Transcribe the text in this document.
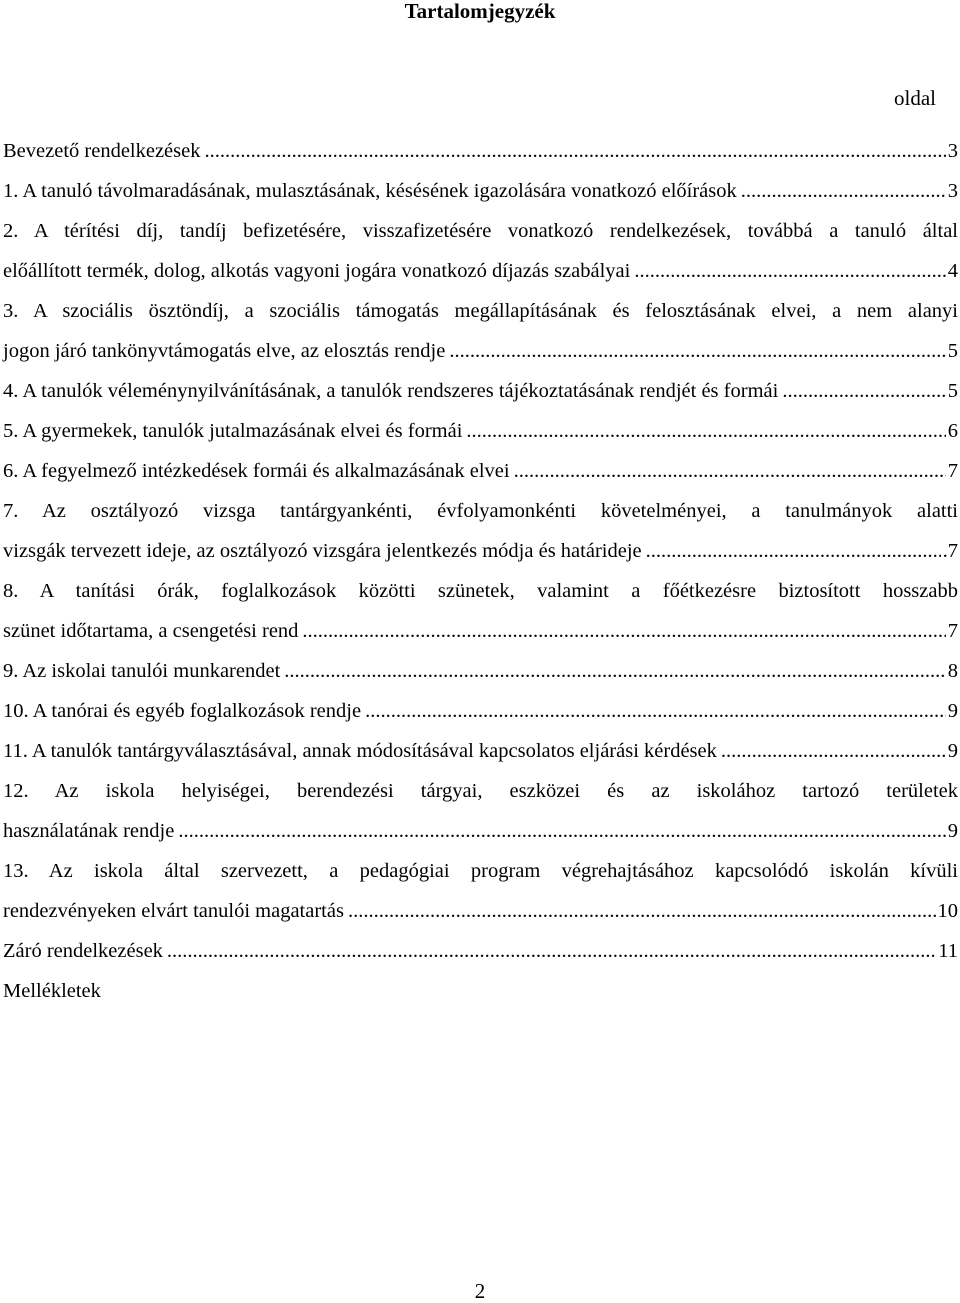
Tartalomjegyzék
oldal
Bevezető rendelkezések .....	3
1. A tanuló távolmaradásának, mulasztásának, késésének igazolására vonatkozó előírások .....	3
2. A térítési díj, tandíj befizetésére, visszafizetésére vonatkozó rendelkezések, továbbá a tanuló által
előállított termék, dolog, alkotás vagyoni jogára vonatkozó díjazás szabályai .....	4
3. A szociális ösztöndíj, a szociális támogatás megállapításának és felosztásának elvei, a nem alanyi
jogon járó tankönyvtámogatás elve, az elosztás rendje .....	5
4. A tanulók véleménynyilvánításának, a tanulók rendszeres tájékoztatásának rendjét és formái .....	5
5. A gyermekek, tanulók jutalmazásának elvei és formái .....	6
6. A fegyelmező intézkedések formái és alkalmazásának elvei .....	7
7. Az osztályozó vizsga tantárgyankénti, évfolyamonkénti követelményei, a tanulmányok alatti
vizsgák tervezett ideje, az osztályozó vizsgára jelentkezés módja és határideje .....	.7
8. A tanítási órák, foglalkozások közötti szünetek, valamint a főétkezésre biztosított hosszabb
szünet időtartama, a csengetési rend .....	7
9. Az iskolai tanulói munkarendet .....	8
10. A tanórai és egyéb foglalkozások rendje .....	9
11. A tanulók tantárgyválasztásával, annak módosításával kapcsolatos eljárási kérdések .....	9
12. Az iskola helyiségei, berendezési tárgyai, eszközei és az iskolához tartozó területek
használatának rendje .....	9
13. Az iskola által szervezett, a pedagógiai program végrehajtásához kapcsolódó iskolán kívüli
rendezvényeken elvárt tanulói magatartás .....	10
Záró rendelkezések .....	11
Mellékletek
2
